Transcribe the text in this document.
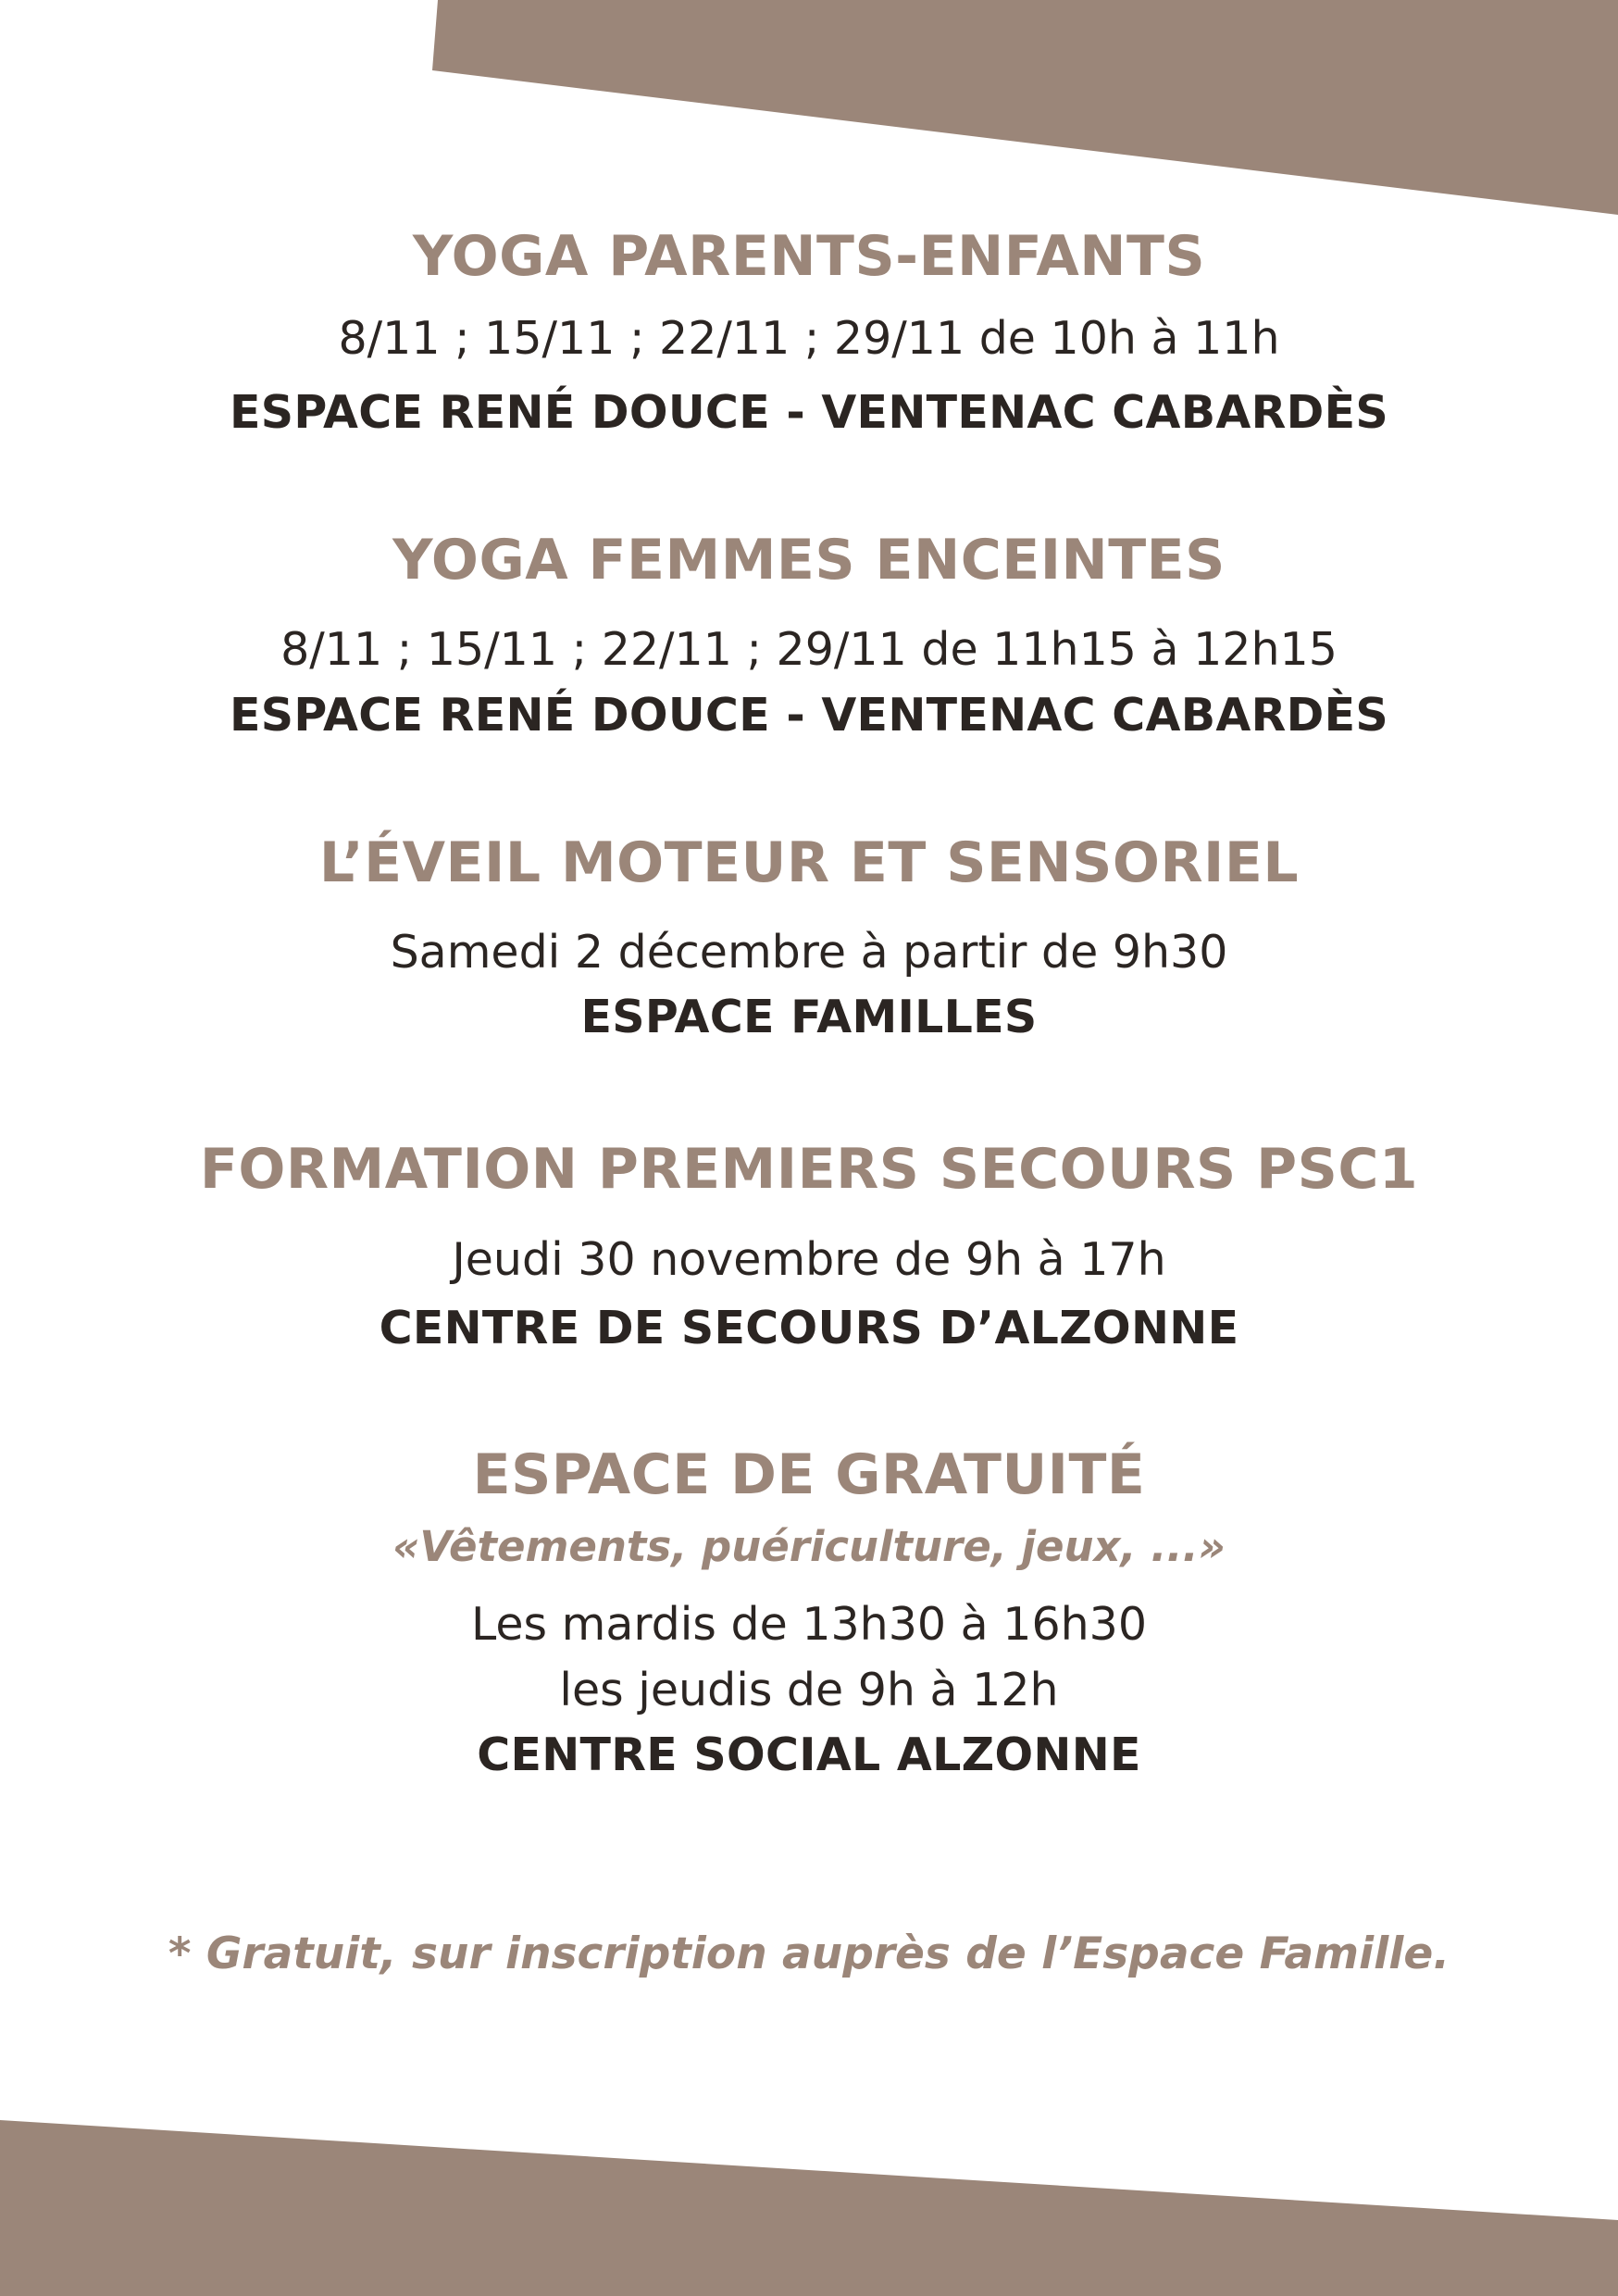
YOGA PARENTS-ENFANTS
8/11 ; 15/11 ; 22/11 ; 29/11 de 10h à 11h
ESPACE RENÉ DOUCE - VENTENAC CABARDÈS
YOGA FEMMES ENCEINTES
8/11 ; 15/11 ; 22/11 ; 29/11 de 11h15 à 12h15
ESPACE RENÉ DOUCE - VENTENAC CABARDÈS
L’ÉVEIL MOTEUR ET SENSORIEL
Samedi 2 décembre à partir de 9h30
ESPACE FAMILLES
FORMATION PREMIERS SECOURS PSC1
Jeudi 30 novembre de 9h à 17h
CENTRE DE SECOURS D’ALZONNE
ESPACE DE GRATUITÉ
«Vêtements, puériculture, jeux, ...»
Les mardis de 13h30 à 16h30
les jeudis de 9h à 12h
CENTRE SOCIAL ALZONNE
* Gratuit, sur inscription auprès de l’Espace Famille.
